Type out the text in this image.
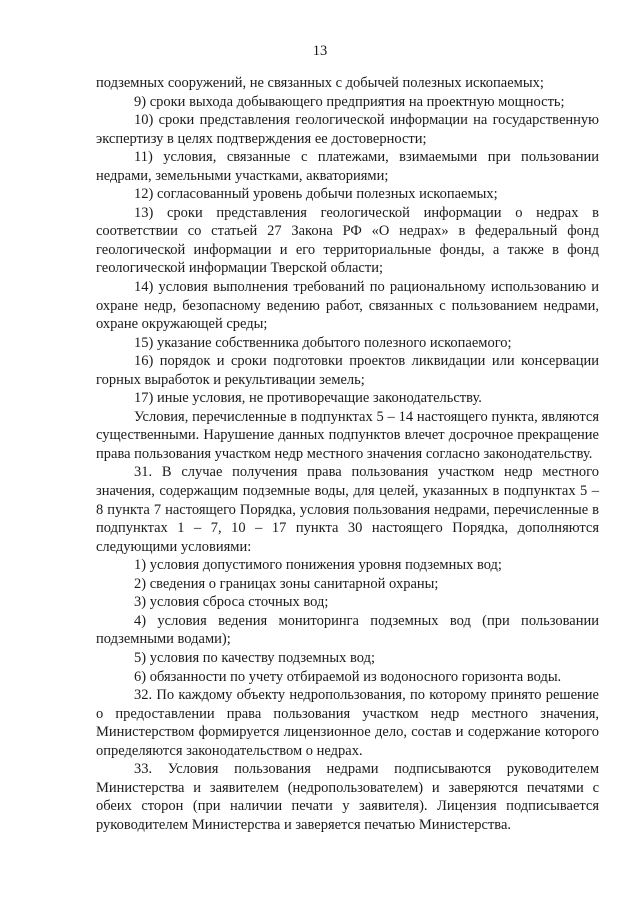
13

подземных сооружений, не связанных с добычей полезных ископаемых;

9) сроки выхода добывающего предприятия на проектную мощность;

10) сроки представления геологической информации на государственную экспертизу в целях подтверждения ее достоверности;

11) условия, связанные с платежами, взимаемыми при пользовании недрами, земельными участками, акваториями;

12) согласованный уровень добычи полезных ископаемых;

13) сроки представления геологической информации о недрах в соответствии со статьей 27 Закона РФ «О недрах» в федеральный фонд геологической информации и его территориальные фонды, а также в фонд геологической информации Тверской области;

14) условия выполнения требований по рациональному использованию и охране недр, безопасному ведению работ, связанных с пользованием недрами, охране окружающей среды;

15) указание собственника добытого полезного ископаемого;

16) порядок и сроки подготовки проектов ликвидации или консервации горных выработок и рекультивации земель;

17) иные условия, не противоречащие законодательству.

Условия, перечисленные в подпунктах 5 – 14 настоящего пункта, являются существенными. Нарушение данных подпунктов влечет досрочное прекращение права пользования участком недр местного значения согласно законодательству.

31. В случае получения права пользования участком недр местного значения, содержащим подземные воды, для целей, указанных в подпунктах 5 – 8 пункта 7 настоящего Порядка, условия пользования недрами, перечисленные в подпунктах 1 – 7, 10 – 17 пункта 30 настоящего Порядка, дополняются следующими условиями:

1) условия допустимого понижения уровня подземных вод;

2) сведения о границах зоны санитарной охраны;

3) условия сброса сточных вод;

4) условия ведения мониторинга подземных вод (при пользовании подземными водами);

5) условия по качеству подземных вод;

6) обязанности по учету отбираемой из водоносного горизонта воды.

32. По каждому объекту недропользования, по которому принято решение о предоставлении права пользования участком недр местного значения, Министерством формируется лицензионное дело, состав и содержание которого определяются законодательством о недрах.

33. Условия пользования недрами подписываются руководителем Министерства и заявителем (недропользователем) и заверяются печатями с обеих сторон (при наличии печати у заявителя). Лицензия подписывается руководителем Министерства и заверяется печатью Министерства.
